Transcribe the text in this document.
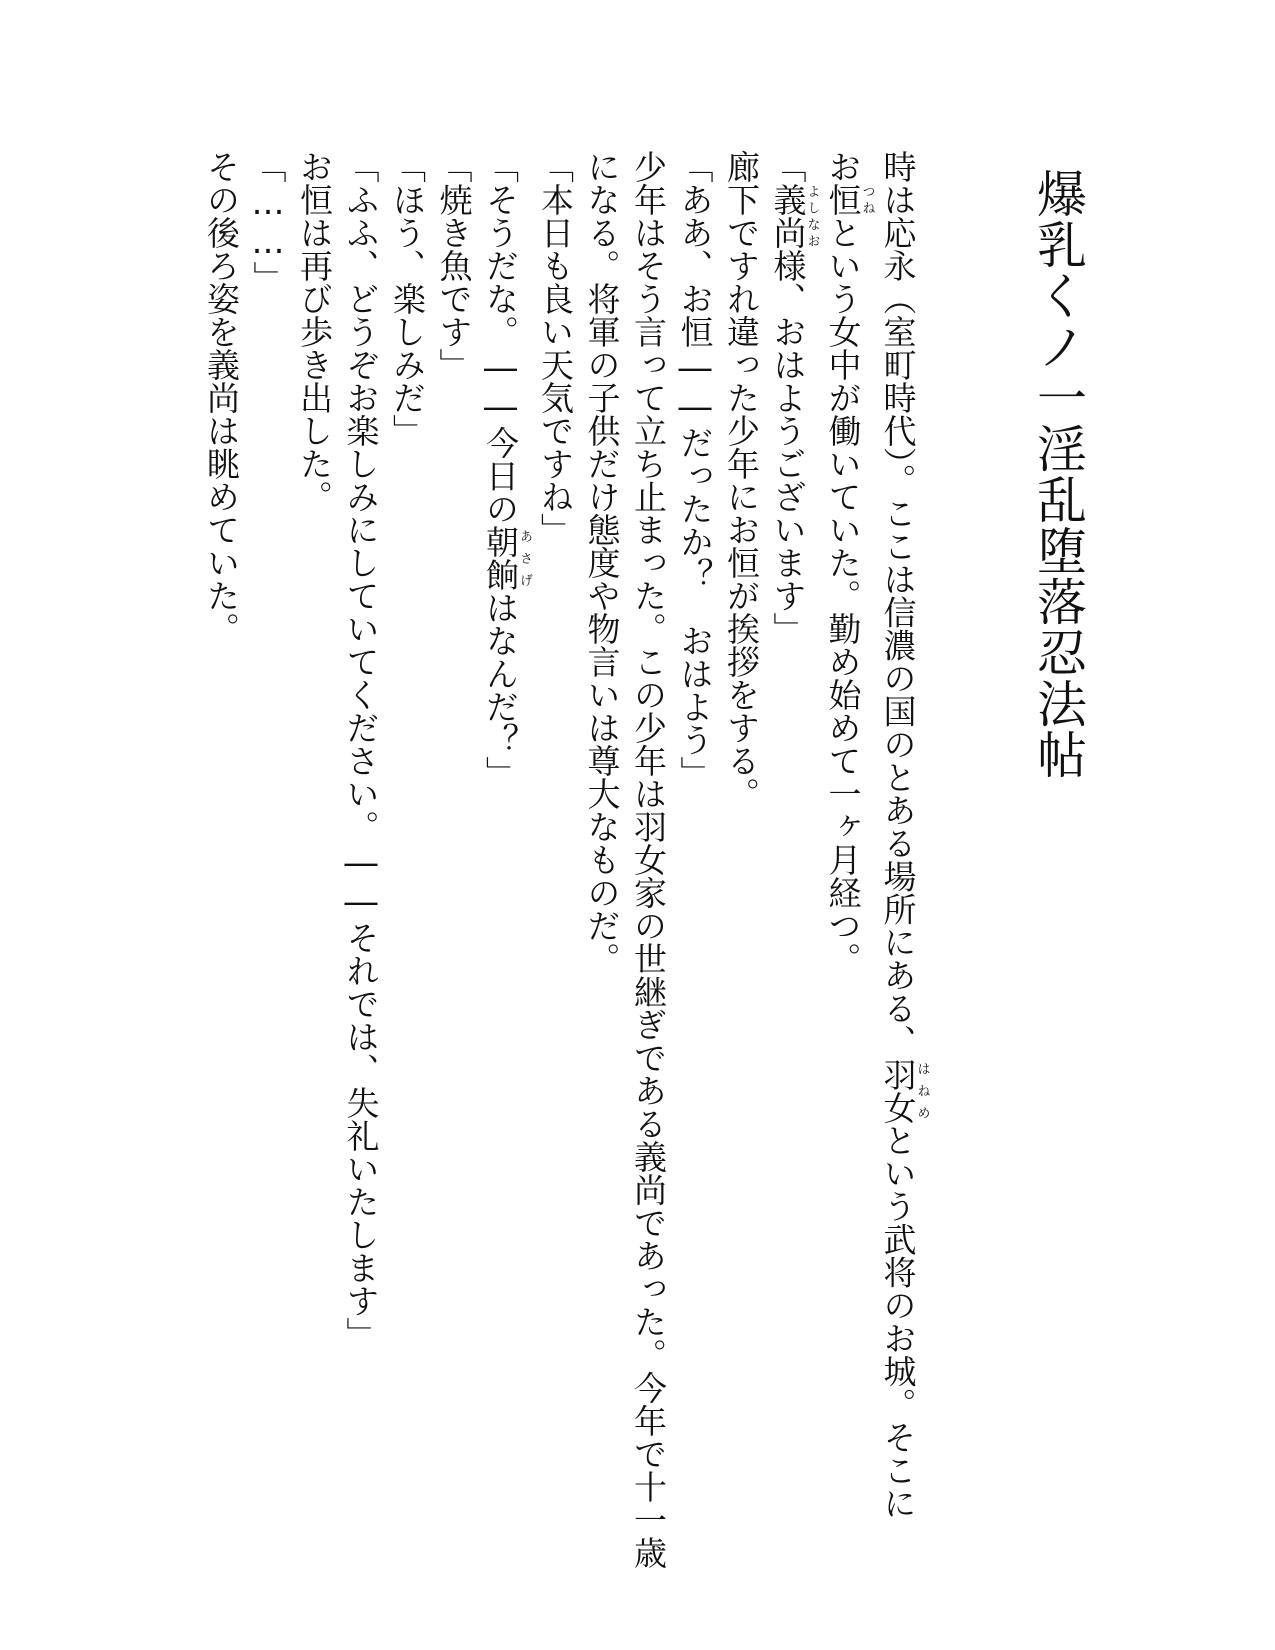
爆乳くノ一淫乱堕落忍法帖
時は応永（室町時代）。ここは信濃の国のとある場所にある、羽女はねめという武将のお城。そこに
お恒つねという女中が働いていた。勤め始めて一ヶ月経つ。
「義尚よしなお様、おはようございます」
廊下ですれ違った少年にお恒が挨拶をする。
「ああ、お恒――だったか？　おはよう」
少年はそう言って立ち止まった。この少年は羽女家の世継ぎである義尚であった。今年で十一歳
になる。将軍の子供だけ態度や物言いは尊大なものだ。
「本日も良い天気ですね」
「そうだな。――今日の朝餉あさげはなんだ？」
「焼き魚です」
「ほう、楽しみだ」
「ふふ、どうぞお楽しみにしていてください。――それでは、失礼いたします」
お恒は再び歩き出した。
「……」
その後ろ姿を義尚は眺めていた。
